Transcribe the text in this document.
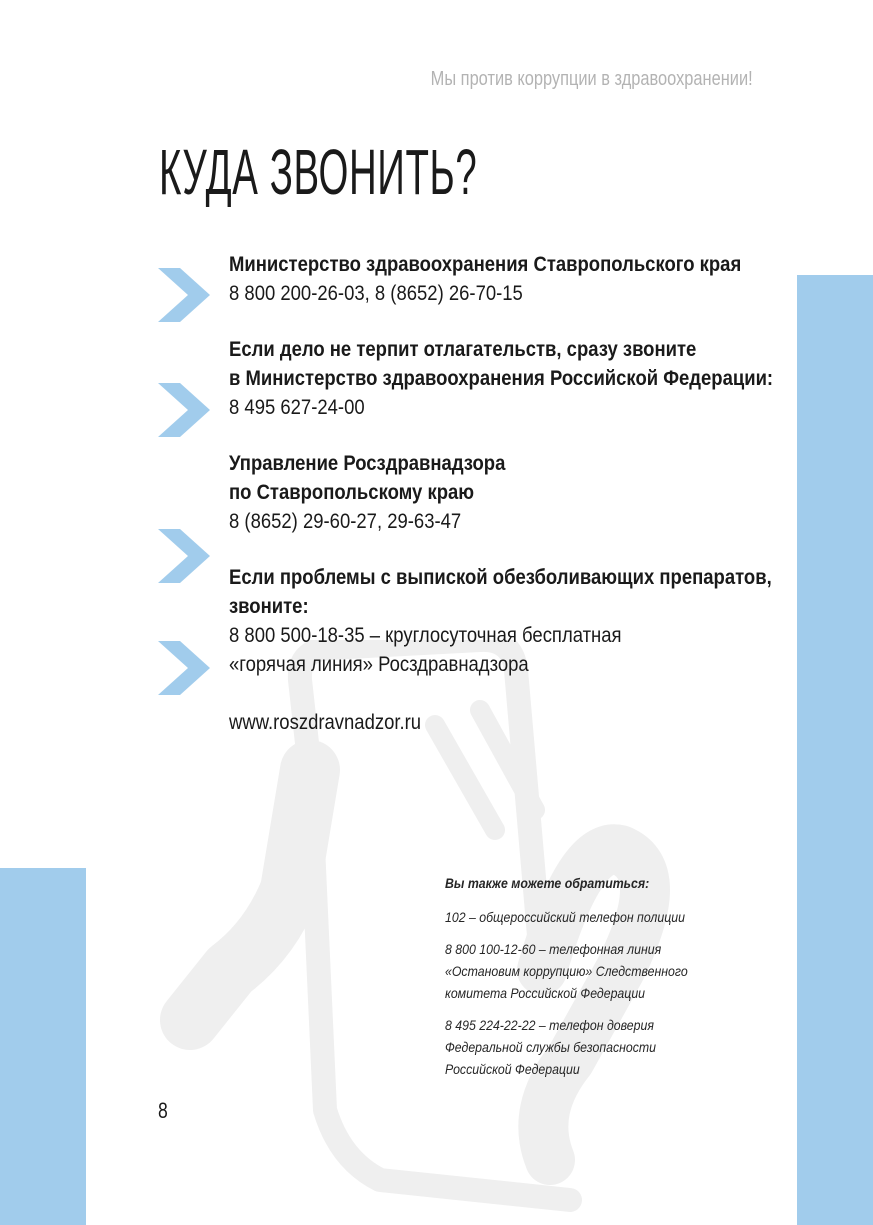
Мы против коррупции в здравоохранении!
КУДА ЗВОНИТЬ?
Министерство здравоохранения Ставропольского края
8 800 200-26-03, 8 (8652) 26-70-15
Если дело не терпит отлагательств, сразу звоните
в Министерство здравоохранения Российской Федерации:
8 495 627-24-00
Управление Росздравнадзора
по Ставропольскому краю
8 (8652) 29-60-27, 29-63-47
Если проблемы с выпиской обезболивающих препаратов,
звоните:
8 800 500-18-35 – круглосуточная бесплатная
«горячая линия» Росздравнадзора
www.roszdravnadzor.ru
Вы также можете обратиться:
102 – общероссийский телефон полиции
8 800 100-12-60 – телефонная линия
«Остановим коррупцию» Следственного
комитета Российской Федерации
8 495 224-22-22 – телефон доверия
Федеральной службы безопасности
Российской Федерации
8
